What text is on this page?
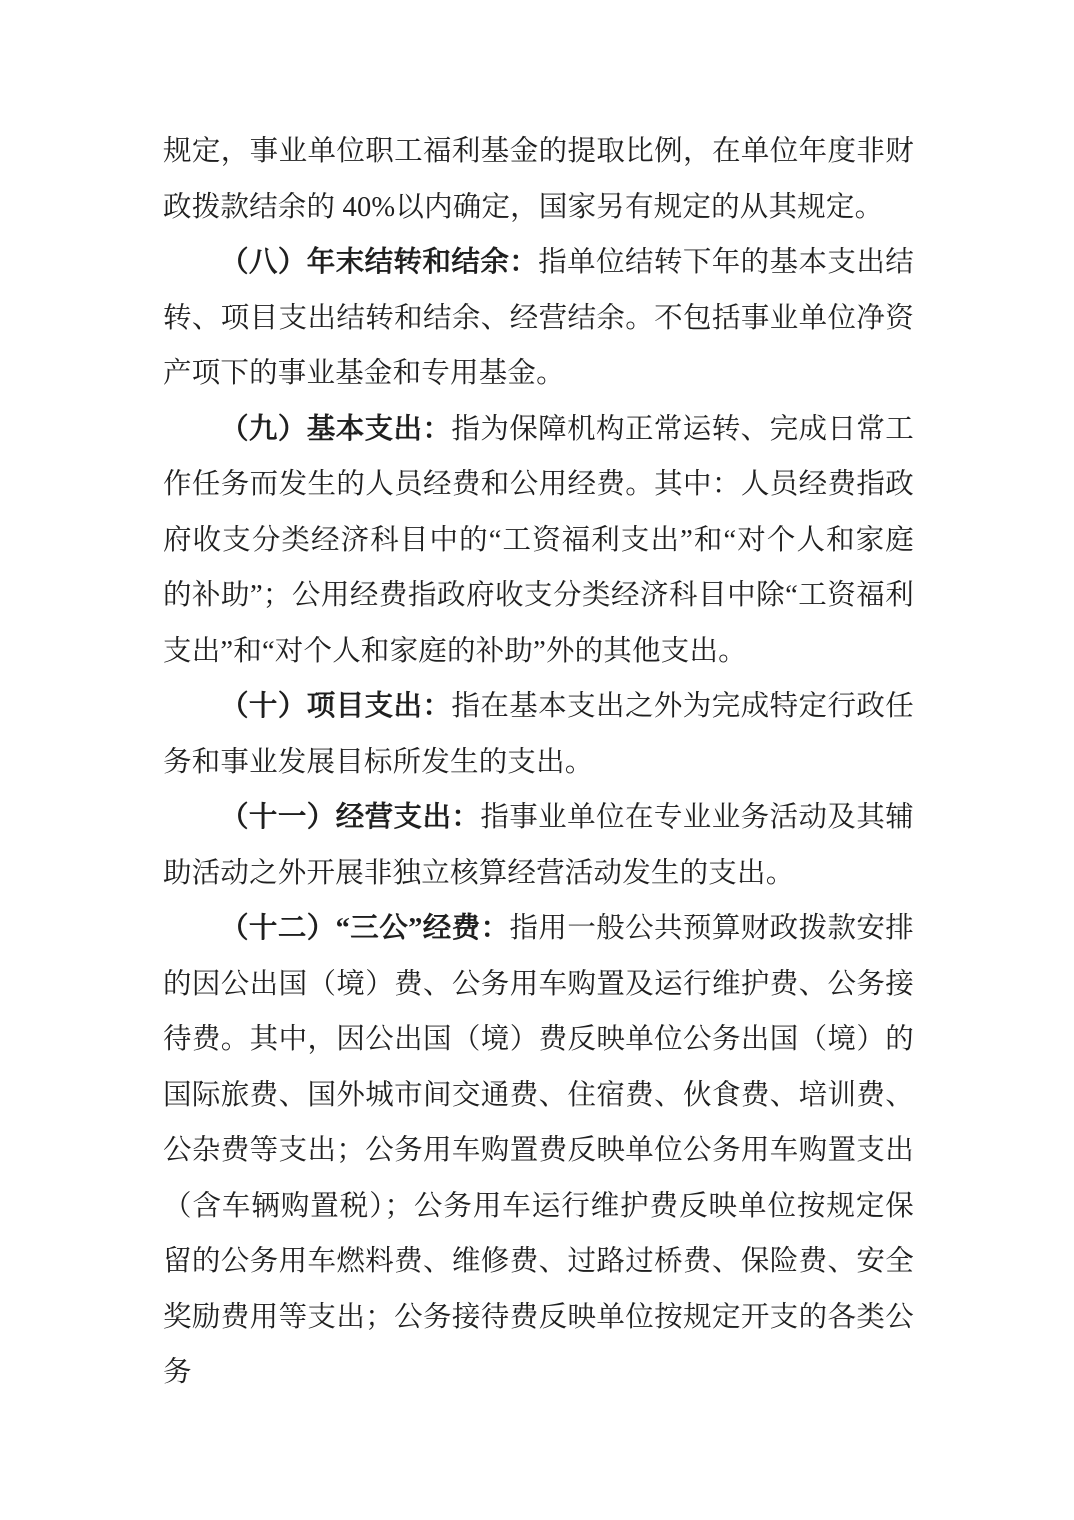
规定，事业单位职工福利基金的提取比例，在单位年度非财政拨款结余的 40%以内确定，国家另有规定的从其规定。

（八）年末结转和结余：指单位结转下年的基本支出结转、项目支出结转和结余、经营结余。不包括事业单位净资产项下的事业基金和专用基金。

（九）基本支出：指为保障机构正常运转、完成日常工作任务而发生的人员经费和公用经费。其中：人员经费指政府收支分类经济科目中的“工资福利支出”和“对个人和家庭的补助”；公用经费指政府收支分类经济科目中除“工资福利支出”和“对个人和家庭的补助”外的其他支出。

（十）项目支出：指在基本支出之外为完成特定行政任务和事业发展目标所发生的支出。

（十一）经营支出：指事业单位在专业业务活动及其辅助活动之外开展非独立核算经营活动发生的支出。

（十二）“三公”经费：指用一般公共预算财政拨款安排的因公出国（境）费、公务用车购置及运行维护费、公务接待费。其中，因公出国（境）费反映单位公务出国（境）的国际旅费、国外城市间交通费、住宿费、伙食费、培训费、公杂费等支出；公务用车购置费反映单位公务用车购置支出（含车辆购置税）；公务用车运行维护费反映单位按规定保留的公务用车燃料费、维修费、过路过桥费、保险费、安全奖励费用等支出；公务接待费反映单位按规定开支的各类公务
